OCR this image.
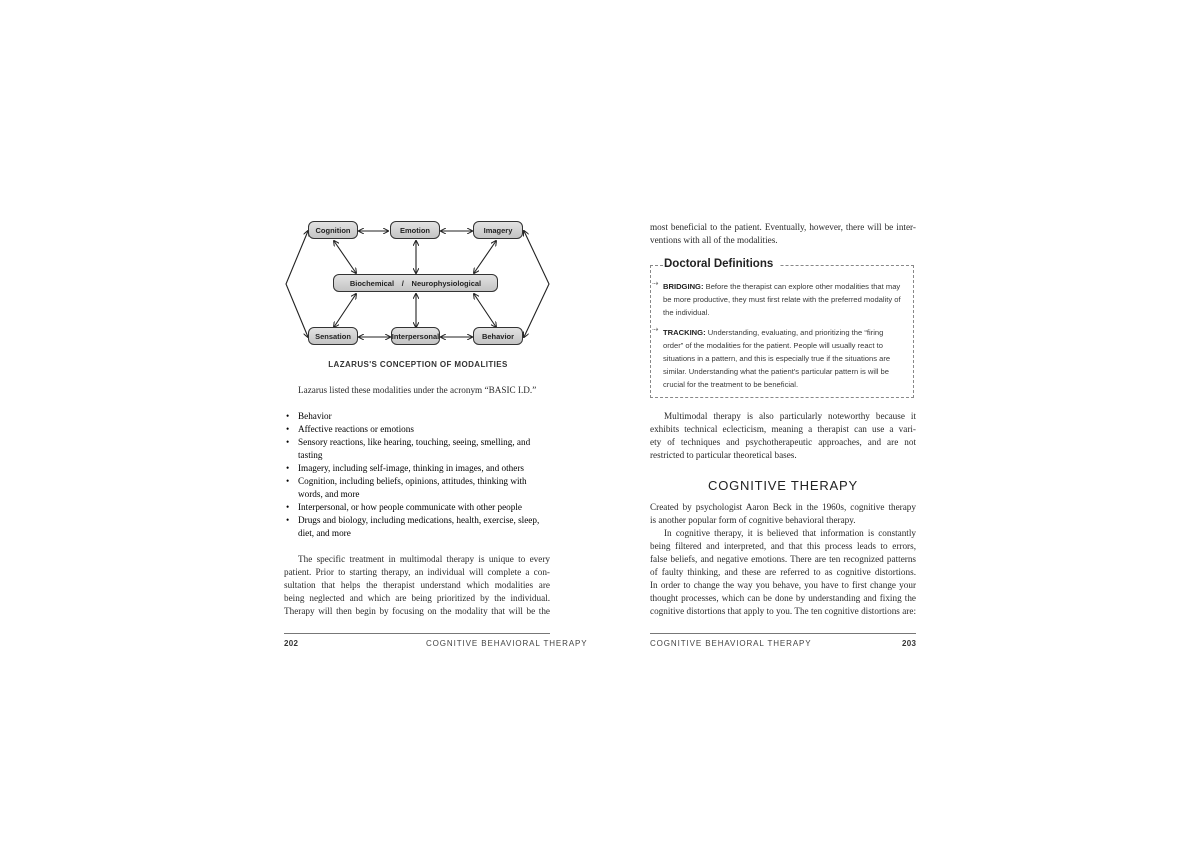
Cognition	Emotion	Imagery
Biochemical / Neurophysiological
Sensation	Interpersonal	Behavior
LAZARUS'S CONCEPTION OF MODALITIES
Lazarus listed these modalities under the acronym “BASIC I.D.”
• Behavior
• Affective reactions or emotions
• Sensory reactions, like hearing, touching, seeing, smelling, and tasting
• Imagery, including self-image, thinking in images, and others
• Cognition, including beliefs, opinions, attitudes, thinking with words, and more
• Interpersonal, or how people communicate with other people
• Drugs and biology, including medications, health, exercise, sleep, diet, and more
The specific treatment in multimodal therapy is unique to every
patient. Prior to starting therapy, an individual will complete a con-
sultation that helps the therapist understand which modalities are
being neglected and which are being prioritized by the individual.
Therapy will then begin by focusing on the modality that will be the
202	COGNITIVE BEHAVIORAL THERAPY
most beneficial to the patient. Eventually, however, there will be inter-
ventions with all of the modalities.
Doctoral Definitions
⇢ BRIDGING: Before the therapist can explore other modalities that may be more productive, they must first relate with the preferred modality of the individual.
⇢ TRACKING: Understanding, evaluating, and prioritizing the “firing order” of the modalities for the patient. People will usually react to situations in a pattern, and this is especially true if the situations are similar. Understanding what the patient's particular pattern is will be crucial for the treatment to be beneficial.
Multimodal therapy is also particularly noteworthy because it
exhibits technical eclecticism, meaning a therapist can use a vari-
ety of techniques and psychotherapeutic approaches, and are not
restricted to particular theoretical bases.
COGNITIVE THERAPY
Created by psychologist Aaron Beck in the 1960s, cognitive therapy
is another popular form of cognitive behavioral therapy.
In cognitive therapy, it is believed that information is constantly
being filtered and interpreted, and that this process leads to errors,
false beliefs, and negative emotions. There are ten recognized patterns
of faulty thinking, and these are referred to as cognitive distortions.
In order to change the way you behave, you have to first change your
thought processes, which can be done by understanding and fixing the
cognitive distortions that apply to you. The ten cognitive distortions are:
COGNITIVE BEHAVIORAL THERAPY	203
